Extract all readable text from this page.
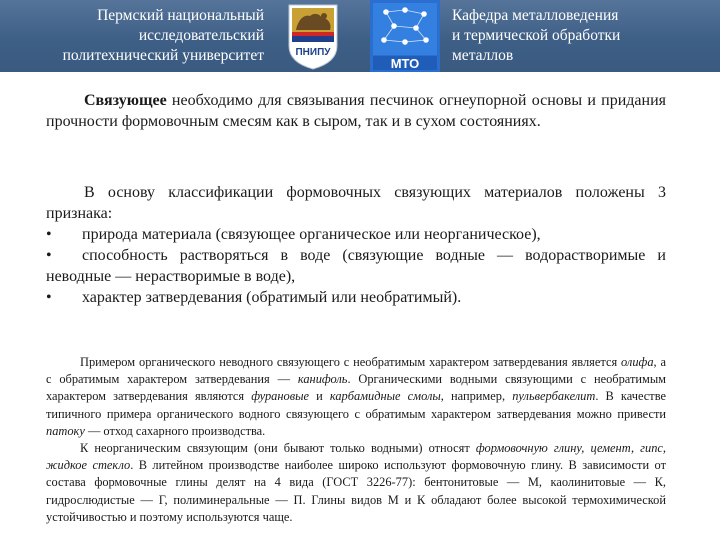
Пермский национальный
исследовательский
политехнический университет	ПНИПУ
МТО
Кафедра металловедения
и термической обработки
металлов

Связующее необходимо для связывания песчинок огнеупорной основы и придания прочности формовочным смесям как в сыром, так и в сухом состояниях.

В основу классификации формовочных связующих материалов положены 3 признака:

•	природа материала (связующее органическое или неорганическое),
• способность растворяться в воде (связующие водные — водорастворимые и неводные — нерастворимые в воде),
•	характер затвердевания (обратимый или необратимый).

Примером органического неводного связующего с необратимым характером затвердевания является олифа, а с обратимым характером затвердевания — канифоль. Органическими водными связующими с необратимым характером затвердевания являются фурановые и карбамидные смолы, например, пульвербакелит. В качестве типичного примера органического водного связующего с обратимым характером затвердевания можно привести патоку — отход сахарного производства.

К неорганическим связующим (они бывают только водными) относят формовочную глину, цемент, гипс, жидкое стекло. В литейном производстве наиболее широко используют формовочную глину. В зависимости от состава формовочные глины делят на 4 вида (ГОСТ 3226-77): бентонитовые — М, каолинитовые — К, гидрослюдистые — Г, полиминеральные — П. Глины видов М и К обладают более высокой термохимической устойчивостью и поэтому используются чаще.
